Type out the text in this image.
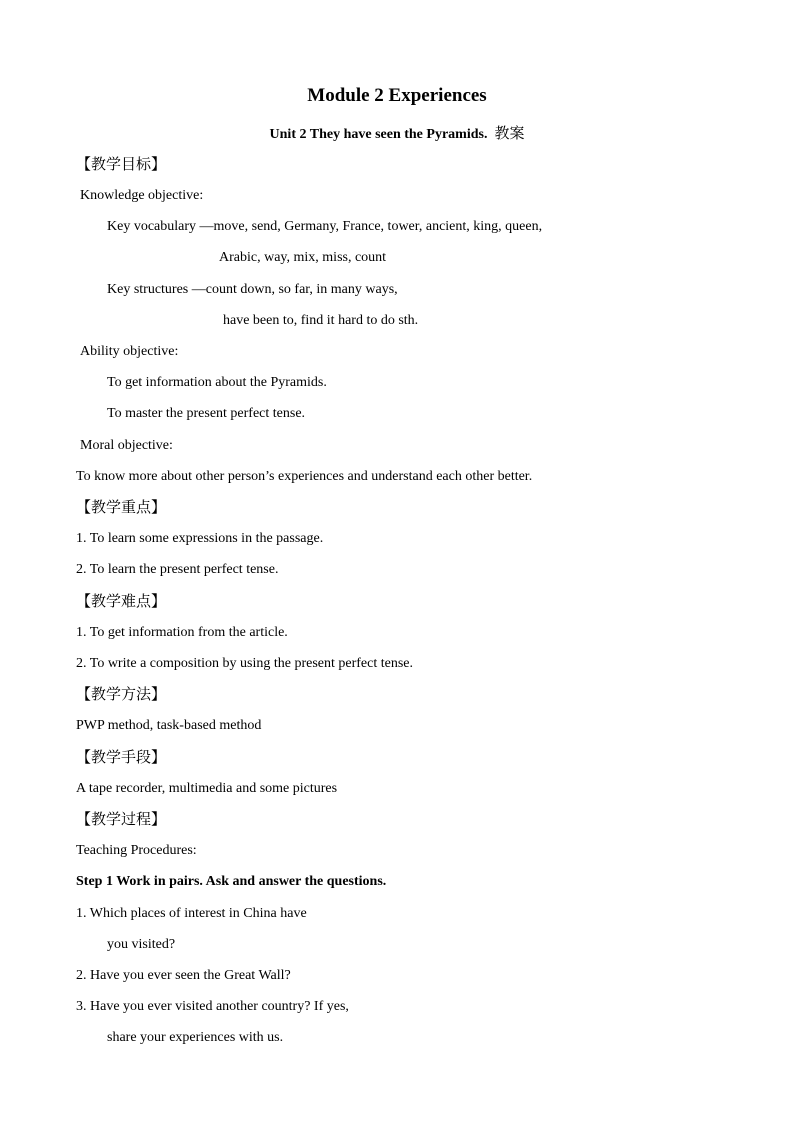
Module 2 Experiences
Unit 2 They have seen the Pyramids. 教案
【教学目标】
Knowledge objective:
Key vocabulary —move, send, Germany, France, tower, ancient, king, queen,
Arabic, way, mix, miss, count
Key structures —count down, so far, in many ways,
have been to, find it hard to do sth.
Ability objective:
To get information about the Pyramids.
To master the present perfect tense.
Moral objective:
To know more about other person’s experiences and understand each other better.
【教学重点】
1. To learn some expressions in the passage.
2. To learn the present perfect tense.
【教学难点】
1. To get information from the article.
2. To write a composition by using the present perfect tense.
【教学方法】
PWP method, task-based method
【教学手段】
A tape recorder, multimedia and some pictures
【教学过程】
Teaching Procedures:
Step 1 Work in pairs. Ask and answer the questions.
1. Which places of interest in China have
you visited?
2. Have you ever seen the Great Wall?
3. Have you ever visited another country? If yes,
share your experiences with us.
